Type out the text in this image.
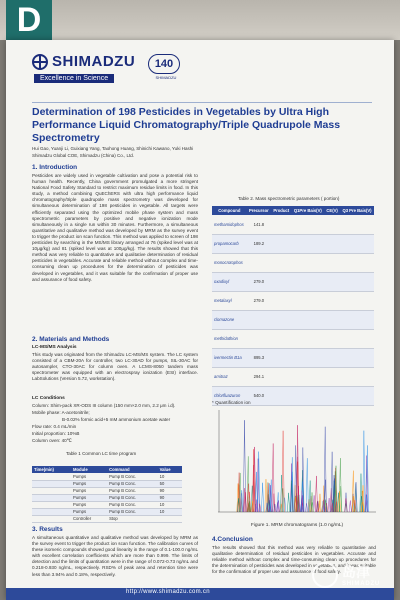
D
SHIMADZU
Excellence in Science
140
SHIMADZU
Determination of 198 Pesticides in Vegetables by Ultra High Performance Liquid Chromatography/Triple Quadrupole Mass Spectrometry
Hui Gao, Yuanji Li, Guixiang Yang, Taohong Huang, Shinichi Kawano, Yuki Hashi
Shimadzu Global COE, Shimadzu (China) Co., Ltd.
1. Introduction
Pesticides are widely used in vegetable cultivation and pose a potential risk to human health. Recently, China government promulgated a more stringent National Food Safety Standard to restrict maximum residue limits in food. In this study, a method combining QuEChERS with ultra high performance liquid chromatography/triple quadrupole mass spectrometry was developed for simultaneous determination of 198 pesticides in vegetable. All targets were efficiently separated using the optimized mobile phase system and mass spectrometric parameters by positive and negative ionization mode simultaneously in a single run within 30 minutes. Furthermore, a simultaneous quantitative and qualitative method was developed by MRM as the survey event to trigger the product ion scan function. This method was applied to screen of 198 pesticides by searching in the MS/MS library arranged at 76 (spiked level was at 10μg/kg) and 81 (spiked level was at 100μg/kg). The results showed that this method was very reliable to quantitative and qualitative determination of residual pesticides in vegetables. Accurate and reliable method without complex and time-consuming clean up procedures for the determination of pesticides was developed in vegetables, and it was suitable for the confirmation of proper use and assurance of food safety.
2. Materials and Methods
LC-MS/MS Analysis
This study was originated from the Shimadzu LC-MS/MS system. The LC system consisted of a CBM-20A for controller, two LC-30AD for pumps, SIL-30AC for autosampler, CTO-30AC for column oven. A LCMS-8050 tandem mass spectrometer was equipped with an electrospray ionization (ESI) interface. LabSolutions (Version 5.72, workstation).
LC Conditions
Column: Shim-pack XR-ODS III column (150 mm×2.0 mm, 2.2 μm i.d).
Mobile phase: A-acetonitrile;
B-0.02% formic acid+5 mM ammonium acetate water
Flow rate: 0.4 mL/min
Initial proportion: 10%B
Column oven: 40℃
Table 1 Common LC time program
Time(min)	Module	Command	Value
	Pumps	Pump B Conc.	10
	Pumps	Pump B Conc.	50
	Pumps	Pump B Conc.	90
	Pumps	Pump B Conc.	90
	Pumps	Pump B Conc.	10
	Pumps	Pump B Conc.	10
	Controller	Stop	
3. Results
A simultaneous quantitative and qualitative method was developed by MRM as the survey event to trigger the product ion scan function. The calibration curves of these isomeric compounds showed good linearity in the range of 0.1-100.0 ng/mL with excellent correlation coefficients which are more than 0.999. The limits of detection and the limits of quantitation were in the range of 0.072-0.73 ng/mL and 0.218-0.930 ng/mL, respectively. RSD% of peak area and retention time were less than 3.94% and 0.18%, respectively.
Table 2. Mass spectrometric parameters ( portion)
Compound	Precursor	Product	Q1Pre Bais(V)	CE(V)	Q3 Pre Bais(V)
methamidophos	141.8				
propamocarb	189.2				
monocrotophos					
oxadixyl	279.0				
metalaxyl	279.0				
clomazone					
methidathion					
ivermectin B1a	895.3				
amitraz	294.1				
chlorfluazuron	540.0				
* Quantification ion
Figure 1. MRM chromatograms (1.0 ng/mL)
4.Conclusion
The results showed that this method was very reliable to quantitative and qualitative determination of residual pesticides in vegetables. Accurate and reliable method without complex and time-consuming clean up procedures for the determination of pesticides was developed in vegetables, and it was suitable for the confirmation of proper use and assurance of food safety.
http://www.shimadzu.com.cn
岛津
SHIMADZU
